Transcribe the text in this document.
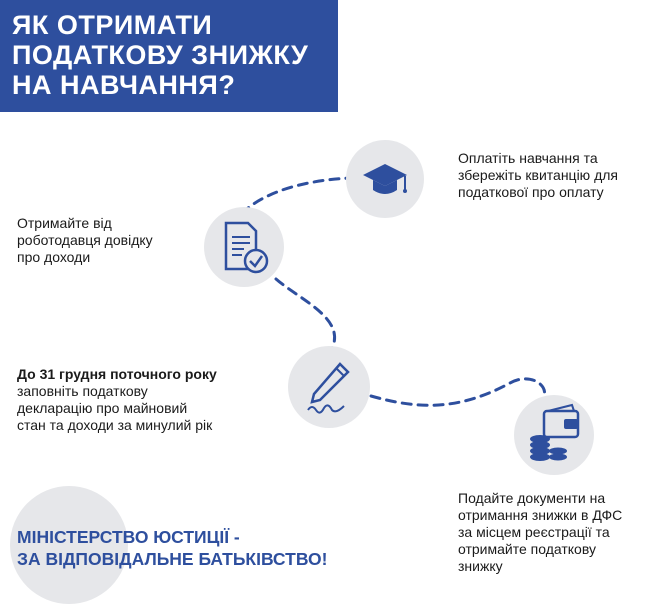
ЯК ОТРИМАТИ
ПОДАТКОВУ ЗНИЖКУ
НА НАВЧАННЯ?
Оплатіть навчання та
збережіть квитанцію для
податкової про оплату
Отримайте від
роботодавця довідку
про доходи
До 31 грудня поточного року
заповніть податкову
декларацію про майновий
стан та доходи за минулий рік
Подайте документи на
отримання знижки в ДФС
за місцем реєстрації та
отримайте податкову
знижку
МІНІСТЕРСТВО ЮСТИЦІЇ -
ЗА ВІДПОВІДАЛЬНЕ БАТЬКІВСТВО!
